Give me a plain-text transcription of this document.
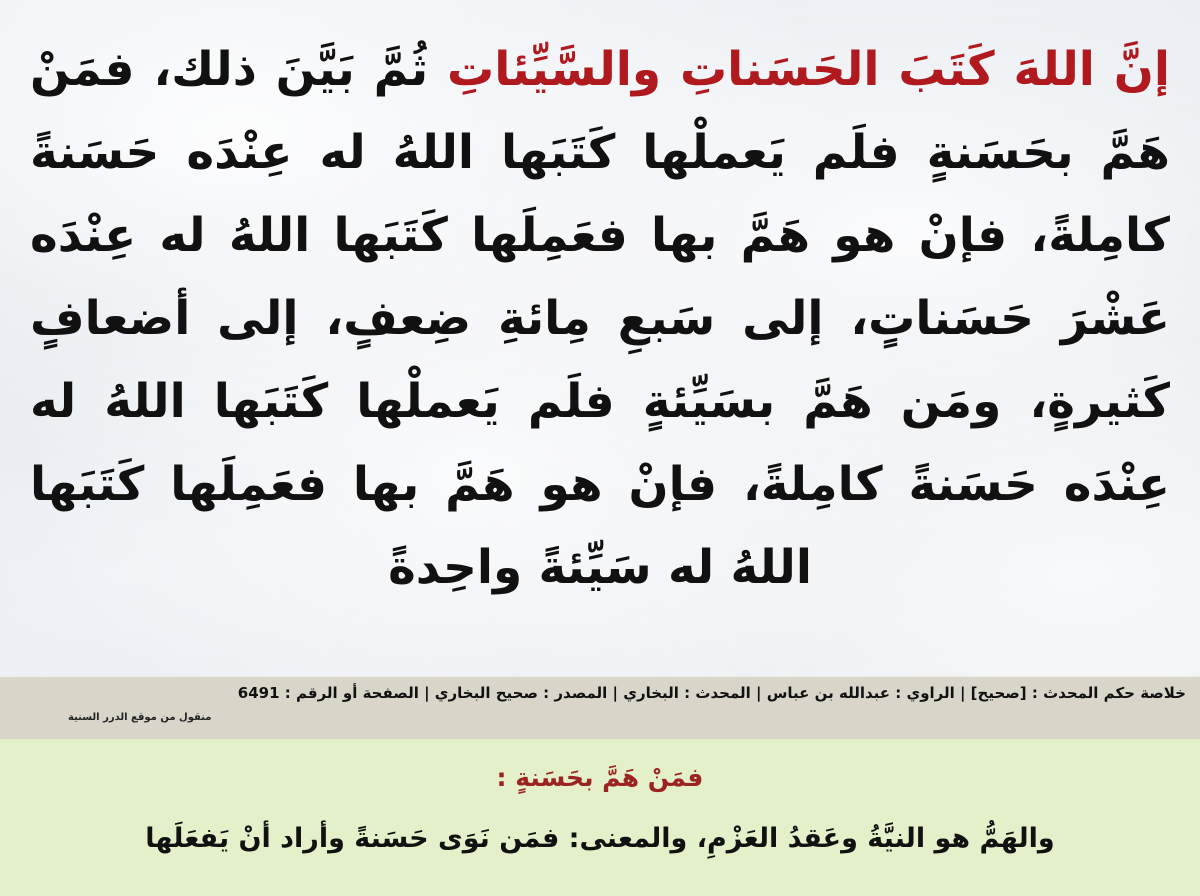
إنَّ اللهَ كَتَبَ الحَسَناتِ والسَّيِّئاتِ ثُمَّ بَيَّنَ ذلك، فمَنْ هَمَّ بحَسَنةٍ فلَم يَعملْها كَتَبَها اللهُ له عِنْدَه حَسَنةً كامِلةً، فإنْ هو هَمَّ بها فعَمِلَها كَتَبَها اللهُ له عِنْدَه عَشْرَ حَسَناتٍ، إلى سَبعِ مِائةِ ضِعفٍ، إلى أضعافٍ كَثيرةٍ، ومَن هَمَّ بسَيِّئةٍ فلَم يَعملْها كَتَبَها اللهُ له عِنْدَه حَسَنةً كامِلةً، فإنْ هو هَمَّ بها فعَمِلَها كَتَبَها اللهُ له سَيِّئةً واحِدةً

خلاصة حكم المحدث : [صحيح] | الراوي : عبدالله بن عباس | المحدث : البخاري | المصدر : صحيح البخاري | الصفحة أو الرقم : 6491
منقول من موقع الدرر السنية
فمَنْ هَمَّ بحَسَنةٍ :
والهَمُّ هو النيَّةُ وعَقدُ العَزْمِ، والمعنى: فمَن نَوَى حَسَنةً وأراد أنْ يَفعَلَها
